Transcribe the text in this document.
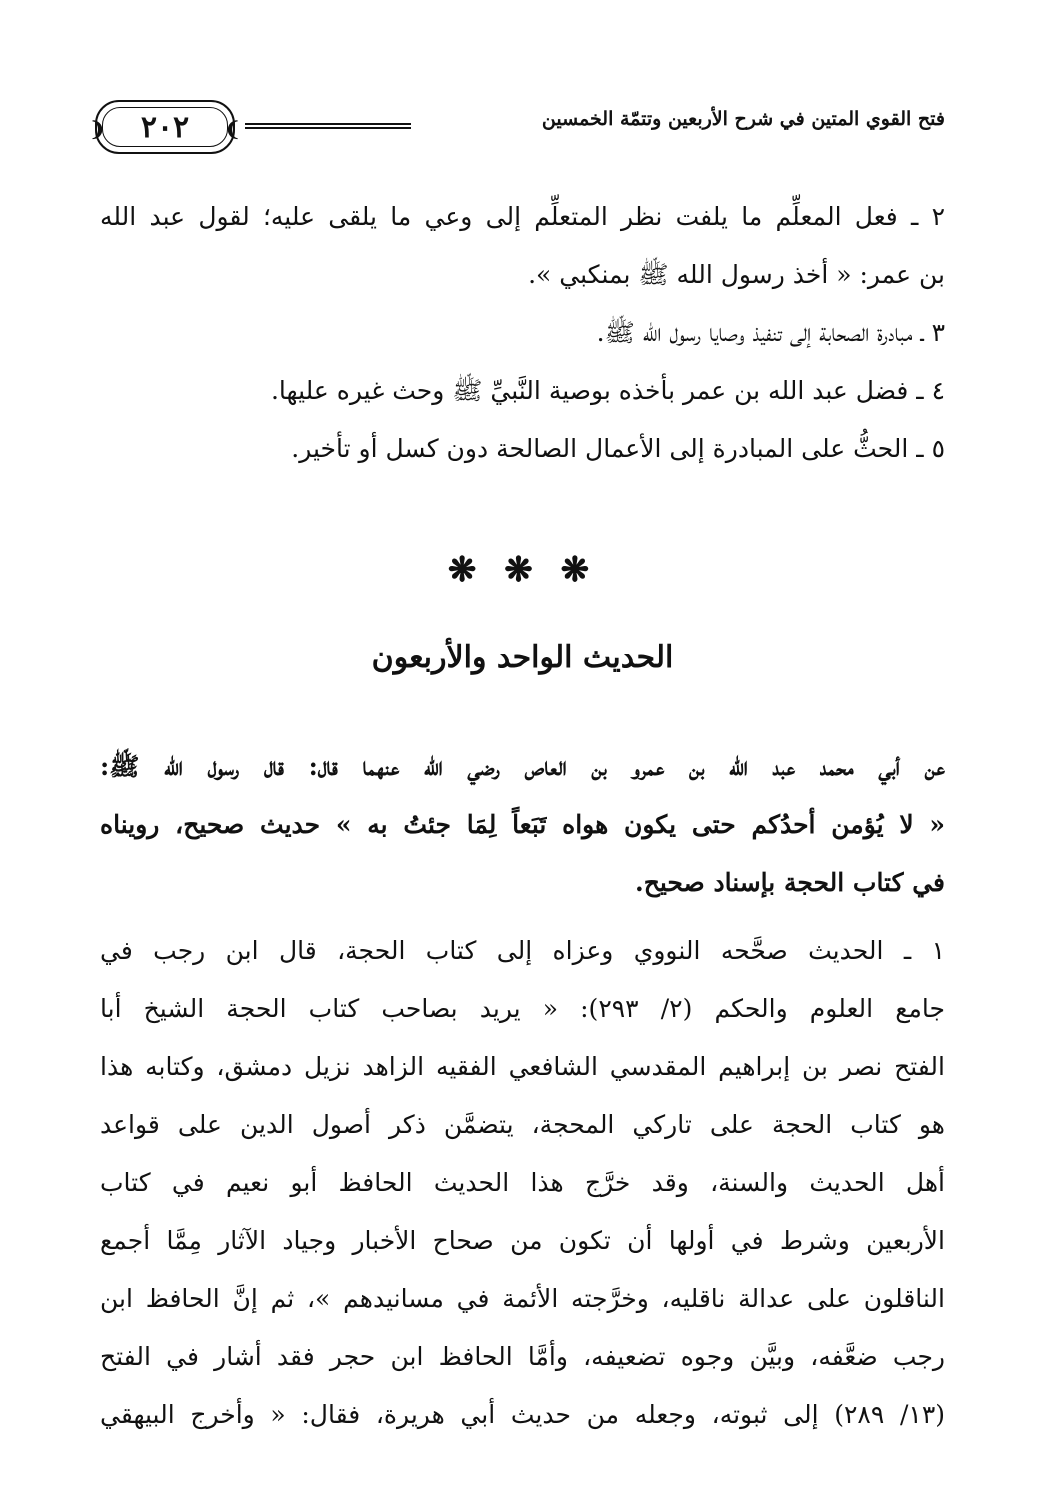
❨ ٢٠٢ ❩	فتح القوي المتين في شرح الأربعين وتتمّة الخمسين
٢ ـ فعل المعلِّم ما يلفت نظر المتعلِّم إلى وعي ما يلقى عليه؛ لقول عبد الله
بن عمر: « أخذ رسول الله ﷺ بمنكبي ».
٣ ـ مبادرة الصحابة إلى تنفيذ وصايا رسول الله ﷺ.
٤ ـ فضل عبد الله بن عمر بأخذه بوصية النَّبيِّ ﷺ وحث غيره عليها.
٥ ـ الحثُّ على المبادرة إلى الأعمال الصالحة دون كسل أو تأخير.
❋ ❋ ❋
الحديث الواحد والأربعون
عن أبي محمد عبد الله بن عمرو بن العاص رضي الله عنهما قال: قال رسول الله ﷺ:
« لا يُؤمن أحدُكم حتى يكون هواه تَبَعاً لِمَا جئتُ به » حديث صحيح، رويناه
في كتاب الحجة بإسناد صحيح.
١ ـ الحديث صحَّحه النووي وعزاه إلى كتاب الحجة، قال ابن رجب في
جامع العلوم والحكم (٢/ ٢٩٣): « يريد بصاحب كتاب الحجة الشيخ أبا
الفتح نصر بن إبراهيم المقدسي الشافعي الفقيه الزاهد نزيل دمشق، وكتابه هذا
هو كتاب الحجة على تاركي المحجة، يتضمَّن ذكر أصول الدين على قواعد
أهل الحديث والسنة، وقد خرَّج هذا الحديث الحافظ أبو نعيم في كتاب
الأربعين وشرط في أولها أن تكون من صحاح الأخبار وجياد الآثار مِمَّا أجمع
الناقلون على عدالة ناقليه، وخرَّجته الأئمة في مسانيدهم »، ثم إنَّ الحافظ ابن
رجب ضعَّفه، وبيَّن وجوه تضعيفه، وأمَّا الحافظ ابن حجر فقد أشار في الفتح
(١٣/ ٢٨٩) إلى ثبوته، وجعله من حديث أبي هريرة، فقال: « وأخرج البيهقي
